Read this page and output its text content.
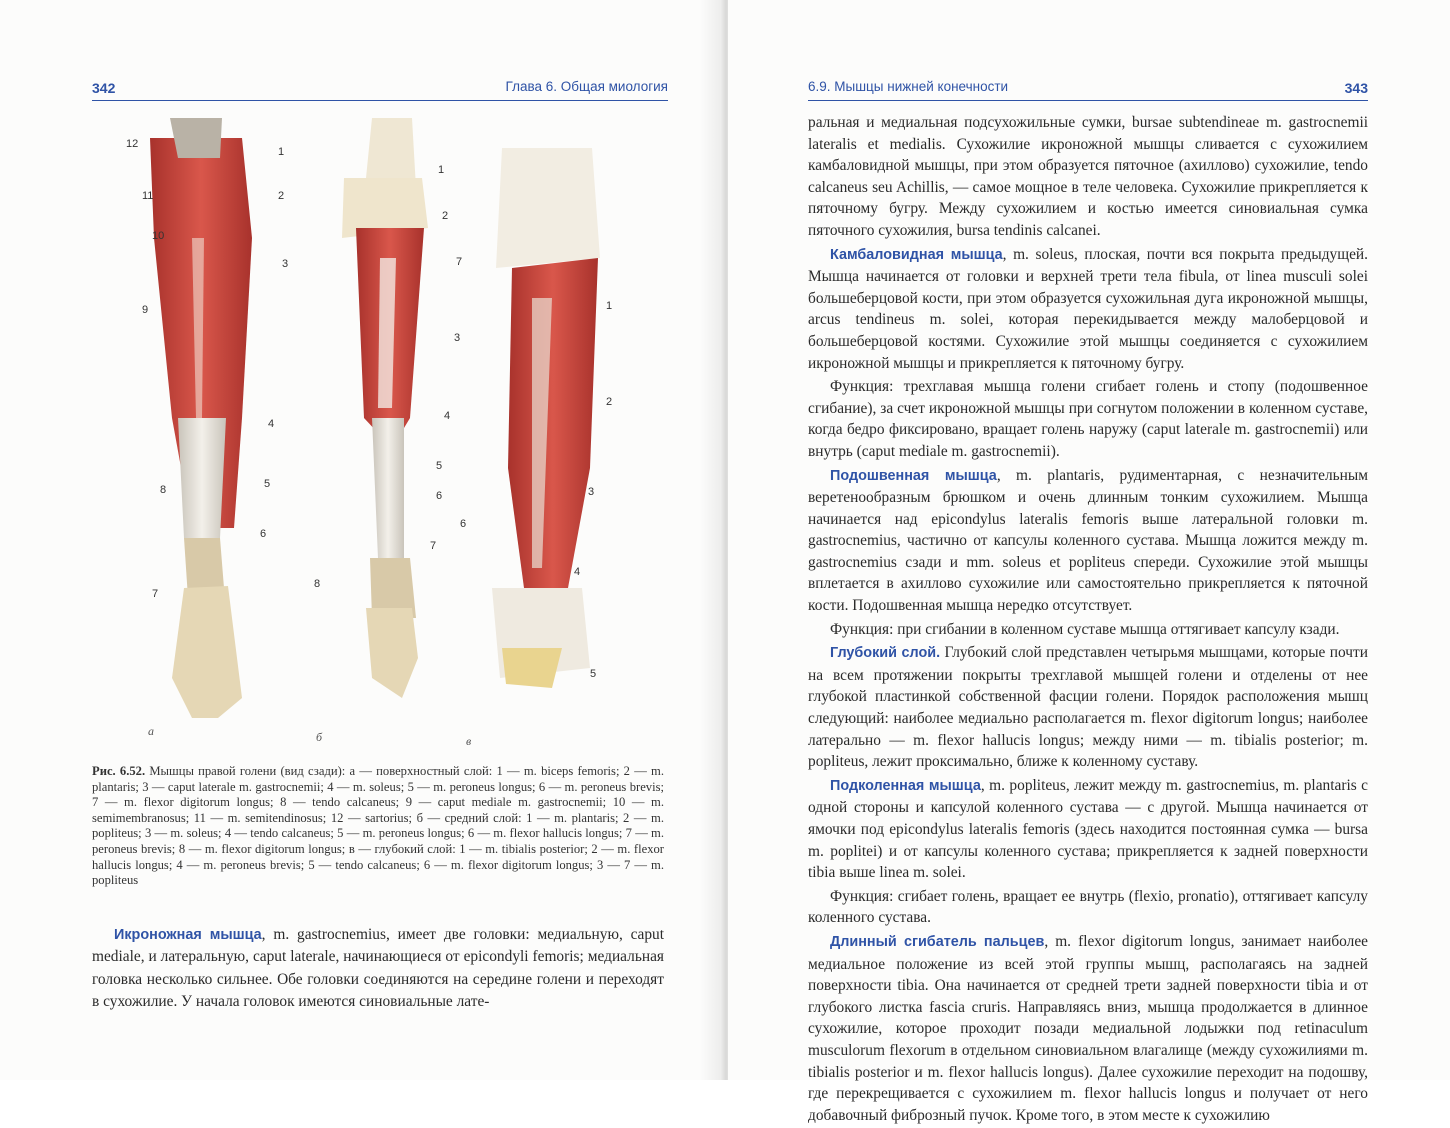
342	Глава 6. Общая миология
12
1
11	2
10
3
9
4
5
8
6
7
1
2
3
4
5
6
7
8
7
1
2
3
6
4
5
а	б	в
Рис. 6.52. Мышцы правой голени (вид сзади): а — поверхностный слой: 1 — m. biceps femoris; 2 — m. plantaris; 3 — caput laterale m. gastrocnemii; 4 — m. soleus; 5 — m. peroneus longus; 6 — m. peroneus brevis; 7 — m. flexor digitorum longus; 8 — tendo calcaneus; 9 — caput mediale m. gastrocnemii; 10 — m. semimembranosus; 11 — m. semitendinosus; 12 — sartorius; б — средний слой: 1 — m. plantaris; 2 — m. popliteus; 3 — m. soleus; 4 — tendo calcaneus; 5 — m. peroneus longus; 6 — m. flexor hallucis longus; 7 — m. peroneus brevis; 8 — m. flexor digitorum longus; в — глубокий слой: 1 — m. tibialis posterior; 2 — m. flexor hallucis longus; 4 — m. peroneus brevis; 5 — tendo calcaneus; 6 — m. flexor digitorum longus; 3 — 7 — m. popliteus

Икроножная мышца, m. gastrocnemius, имеет две головки: медиальную, caput mediale, и латеральную, caput laterale, начинающиеся от epicondyli femoris; медиальная головка несколько сильнее. Обе головки соединяются на середине голени и переходят в сухожилие. У начала головок имеются синовиальные лате-

6.9. Мышцы нижней конечности	343

ральная и медиальная подсухожильные сумки, bursae subtendineae m. gastrocnemii lateralis et medialis. Сухожилие икроножной мышцы сливается с сухожилием камбаловидной мышцы, при этом образуется пяточное (ахиллово) сухожилие, tendo calcaneus seu Achillis, — самое мощное в теле человека. Сухожилие прикрепляется к пяточному бугру. Между сухожилием и костью имеется синовиальная сумка пяточного сухожилия, bursa tendinis calcanei.

Камбаловидная мышца, m. soleus, плоская, почти вся покрыта предыдущей. Мышца начинается от головки и верхней трети тела fibula, от linea musculi solei большеберцовой кости, при этом образуется сухожильная дуга икроножной мышцы, arcus tendineus m. solei, которая перекидывается между малоберцовой и большеберцовой костями. Сухожилие этой мышцы соединяется с сухожилием икроножной мышцы и прикрепляется к пяточному бугру.

Функция: трехглавая мышца голени сгибает голень и стопу (подошвенное сгибание), за счет икроножной мышцы при согнутом положении в коленном суставе, когда бедро фиксировано, вращает голень наружу (caput laterale m. gastrocnemii) или внутрь (caput mediale m. gastrocnemii).

Подошвенная мышца, m. plantaris, рудиментарная, с незначительным веретенообразным брюшком и очень длинным тонким сухожилием. Мышца начинается над epicondylus lateralis femoris выше латеральной головки m. gastrocnemius, частично от капсулы коленного сустава. Мышца ложится между m. gastrocnemius сзади и mm. soleus et popliteus спереди. Сухожилие этой мышцы вплетается в ахиллово сухожилие или самостоятельно прикрепляется к пяточной кости. Подошвенная мышца нередко отсутствует.

Функция: при сгибании в коленном суставе мышца оттягивает капсулу кзади.

Глубокий слой. Глубокий слой представлен четырьмя мышцами, которые почти на всем протяжении покрыты трехглавой мышцей голени и отделены от нее глубокой пластинкой собственной фасции голени. Порядок расположения мышц следующий: наиболее медиально располагается m. flexor digitorum longus; наиболее латерально — m. flexor hallucis longus; между ними — m. tibialis posterior; m. popliteus, лежит проксимально, ближе к коленному суставу.

Подколенная мышца, m. popliteus, лежит между m. gastrocnemius, m. plantaris с одной стороны и капсулой коленного сустава — с другой. Мышца начинается от ямочки под epicondylus lateralis femoris (здесь находится постоянная сумка — bursa m. popliteі) и от капсулы коленного сустава; прикрепляется к задней поверхности tibia выше linea m. solei.

Функция: сгибает голень, вращает ее внутрь (flexio, pronatio), оттягивает капсулу коленного сустава.

Длинный сгибатель пальцев, m. flexor digitorum longus, занимает наиболее медиальное положение из всей этой группы мышц, располагаясь на задней поверхности tibia. Она начинается от средней трети задней поверхности tibia и от глубокого листка fascia cruris. Направляясь вниз, мышца продолжается в длинное сухожилие, которое проходит позади медиальной лодыжки под retinaculum musculorum flexorum в отдельном синовиальном влагалище (между сухожилиями m. tibialis posterior и m. flexor hallucis longus). Далее сухожилие переходит на подошву, где перекрещивается с сухожилием m. flexor hallucis longus и получает от него добавочный фиброзный пучок. Кроме того, в этом месте к сухожилию
